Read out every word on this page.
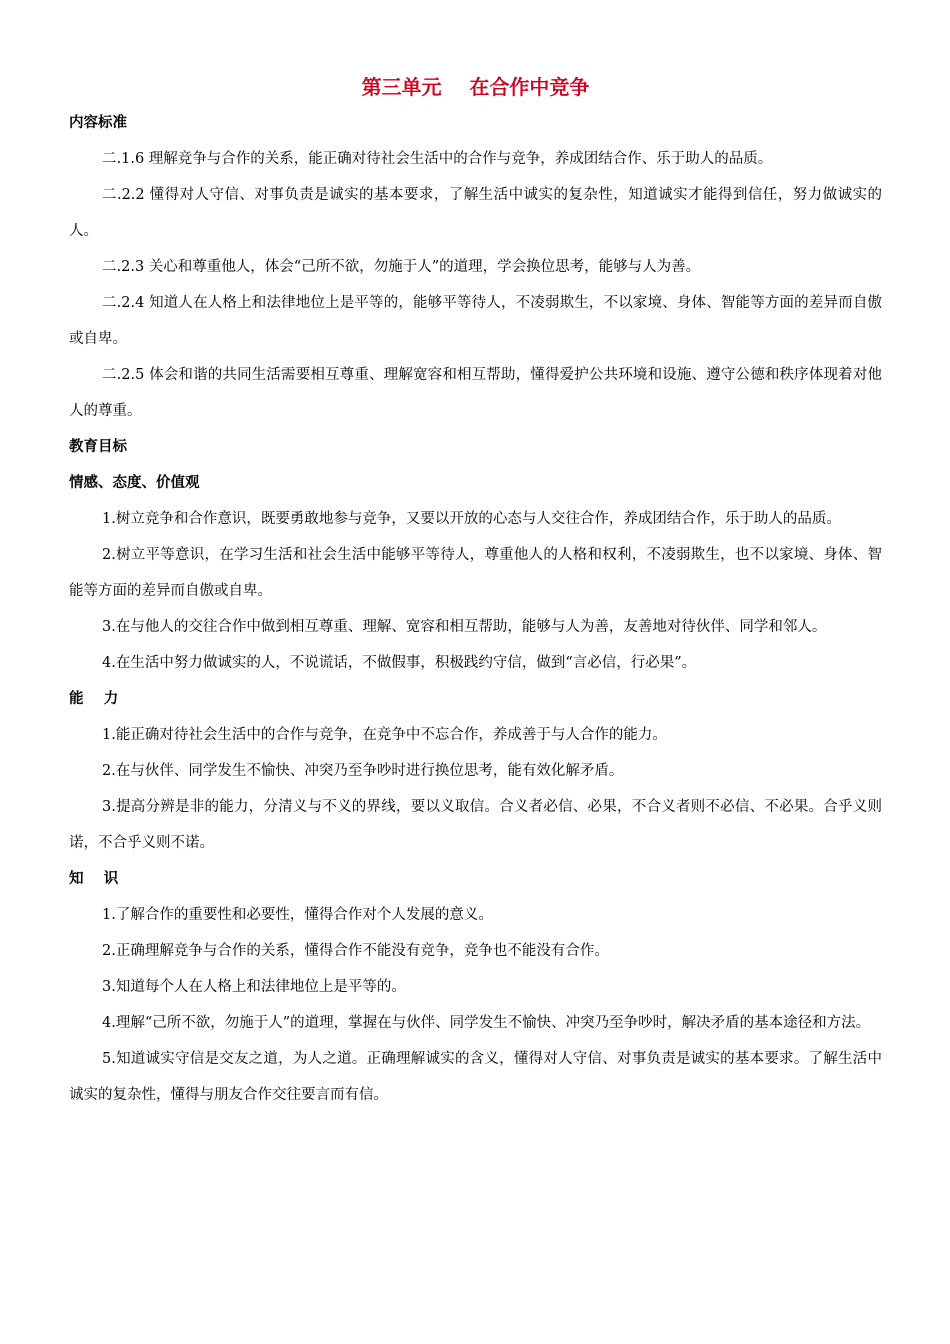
第三单元    在合作中竞争
内容标准

二.1.6 理解竞争与合作的关系，能正确对待社会生活中的合作与竞争，养成团结合作、乐于助人的品质。

二.2.2 懂得对人守信、对事负责是诚实的基本要求，了解生活中诚实的复杂性，知道诚实才能得到信任，努力做诚实的人。

二.2.3 关心和尊重他人，体会“己所不欲，勿施于人”的道理，学会换位思考，能够与人为善。

二.2.4 知道人在人格上和法律地位上是平等的，能够平等待人，不凌弱欺生，不以家境、身体、智能等方面的差异而自傲或自卑。

二.2.5 体会和谐的共同生活需要相互尊重、理解宽容和相互帮助，懂得爱护公共环境和设施、遵守公德和秩序体现着对他人的尊重。

教育目标
情感、态度、价值观

1.树立竞争和合作意识，既要勇敢地参与竞争，又要以开放的心态与人交往合作，养成团结合作，乐于助人的品质。

2.树立平等意识，在学习生活和社会生活中能够平等待人，尊重他人的人格和权利，不凌弱欺生，也不以家境、身体、智能等方面的差异而自傲或自卑。

3.在与他人的交往合作中做到相互尊重、理解、宽容和相互帮助，能够与人为善，友善地对待伙伴、同学和邻人。

4.在生活中努力做诚实的人，不说谎话，不做假事，积极践约守信，做到“言必信，行必果”。

能    力

1.能正确对待社会生活中的合作与竞争，在竞争中不忘合作，养成善于与人合作的能力。

2.在与伙伴、同学发生不愉快、冲突乃至争吵时进行换位思考，能有效化解矛盾。

3.提高分辨是非的能力，分清义与不义的界线，要以义取信。合义者必信、必果，不合义者则不必信、不必果。合乎义则诺，不合乎义则不诺。

知    识

1.了解合作的重要性和必要性，懂得合作对个人发展的意义。

2.正确理解竞争与合作的关系，懂得合作不能没有竞争，竞争也不能没有合作。

3.知道每个人在人格上和法律地位上是平等的。

4.理解“己所不欲，勿施于人”的道理，掌握在与伙伴、同学发生不愉快、冲突乃至争吵时，解决矛盾的基本途径和方法。

5.知道诚实守信是交友之道，为人之道。正确理解诚实的含义，懂得对人守信、对事负责是诚实的基本要求。了解生活中诚实的复杂性，懂得与朋友合作交往要言而有信。
